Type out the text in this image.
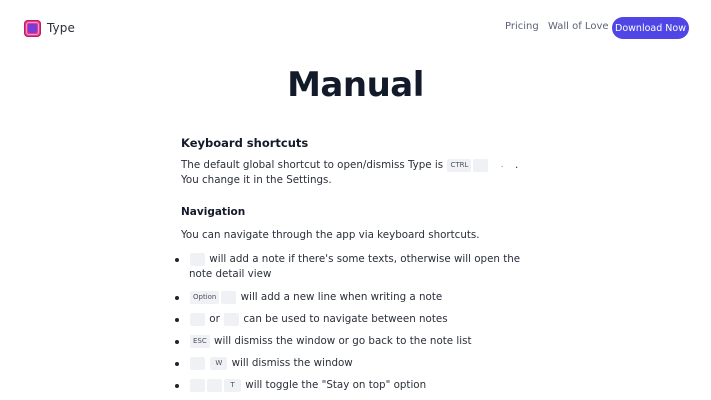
Type	Pricing Wall of Love Download Now
Manual
Keyboard shortcuts

The default global shortcut to open/dismiss Type is CTRL	. . You change it in the Settings.

Navigation

You can navigate through the app via keyboard shortcuts.

will add a note if there's some texts, otherwise will open the note detail view
Option will add a new line when writing a note
or can be used to navigate between notes
ESC will dismiss the window or go back to the note list
W will dismiss the window
T will toggle the "Stay on top" option
